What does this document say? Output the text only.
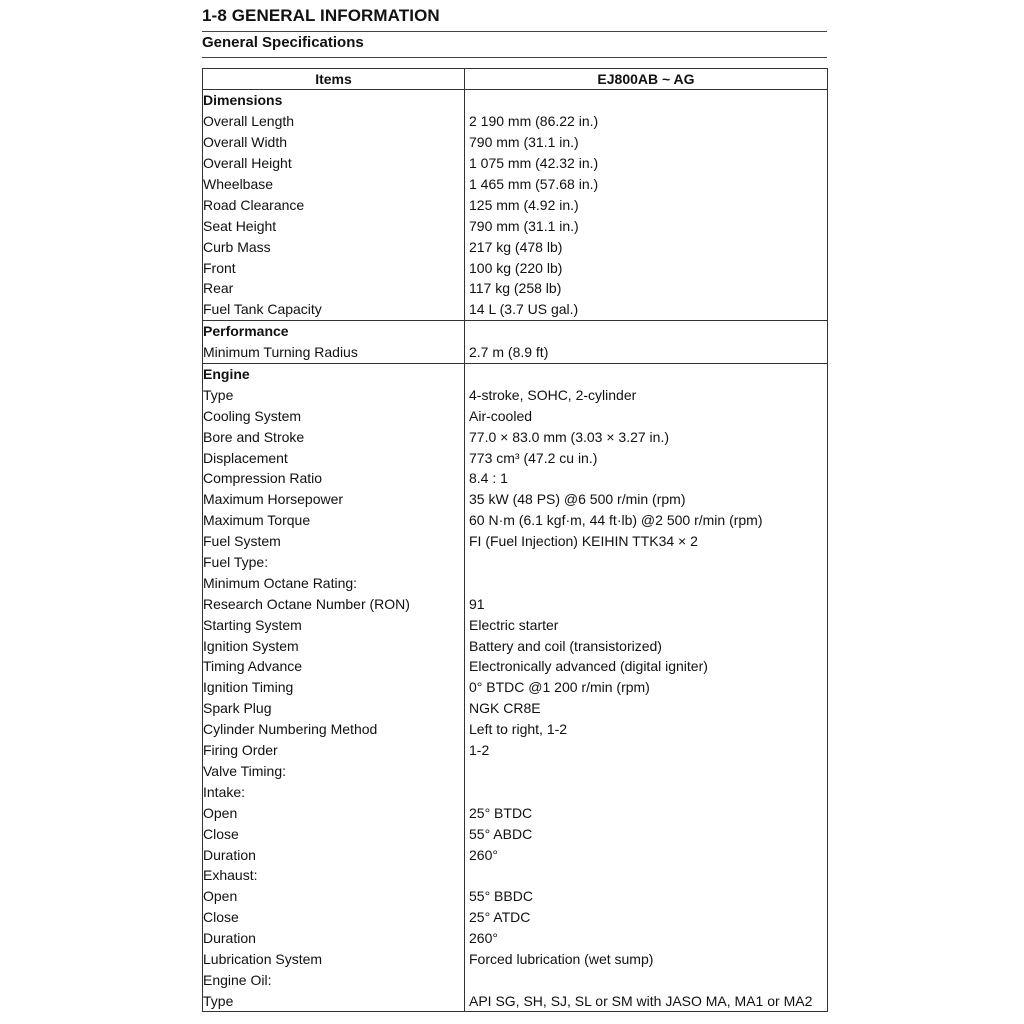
1-8 GENERAL INFORMATION
General Specifications
Items	EJ800AB ~ AG
Dimensions	
Overall Length	2 190 mm (86.22 in.)
Overall Width	790 mm (31.1 in.)
Overall Height	1 075 mm (42.32 in.)
Wheelbase	1 465 mm (57.68 in.)
Road Clearance	125 mm (4.92 in.)
Seat Height	790 mm (31.1 in.)
Curb Mass	217 kg (478 lb)
Front	100 kg (220 lb)
Rear	117 kg (258 lb)
Fuel Tank Capacity	14 L (3.7 US gal.)
Performance	
Minimum Turning Radius	2.7 m (8.9 ft)
Engine	
Type	4-stroke, SOHC, 2-cylinder
Cooling System	Air-cooled
Bore and Stroke	77.0 × 83.0 mm (3.03 × 3.27 in.)
Displacement	773 cm³ (47.2 cu in.)
Compression Ratio	8.4 : 1
Maximum Horsepower	35 kW (48 PS) @6 500 r/min (rpm)
Maximum Torque	60 N·m (6.1 kgf·m, 44 ft·lb) @2 500 r/min (rpm)
Fuel System	FI (Fuel Injection) KEIHIN TTK34 × 2
Fuel Type:	
Minimum Octane Rating:	
Research Octane Number (RON)	91
Starting System	Electric starter
Ignition System	Battery and coil (transistorized)
Timing Advance	Electronically advanced (digital igniter)
Ignition Timing	0° BTDC @1 200 r/min (rpm)
Spark Plug	NGK CR8E
Cylinder Numbering Method	Left to right, 1-2
Firing Order	1-2
Valve Timing:	
Intake:	
Open	25° BTDC
Close	55° ABDC
Duration	260°
Exhaust:	
Open	55° BBDC
Close	25° ATDC
Duration	260°
Lubrication System	Forced lubrication (wet sump)
Engine Oil:	
Type	API SG, SH, SJ, SL or SM with JASO MA, MA1 or MA2
